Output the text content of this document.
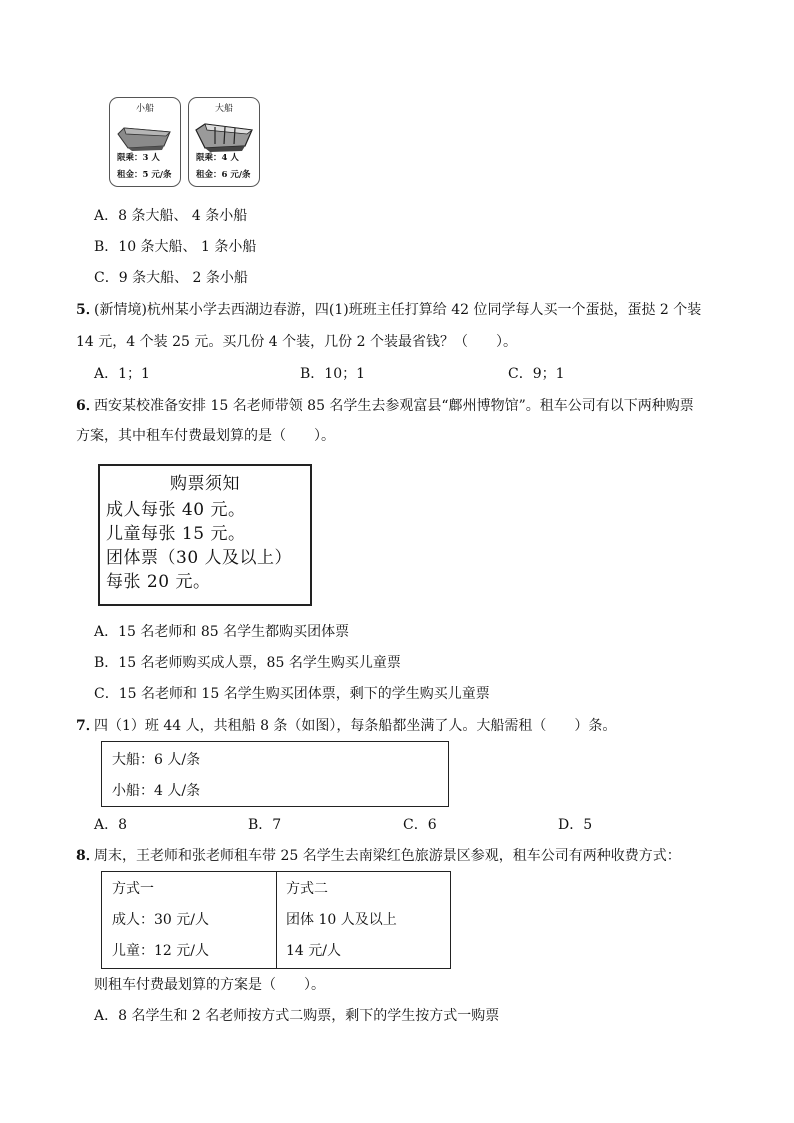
小船
限乘：3 人
租金：5 元/条
大船
限乘：4 人
租金：6 元/条
A．8 条大船、 4 条小船
B．10 条大船、 1 条小船
C．9 条大船、 2 条小船
5．
(新情境)杭州某小学去西湖边春游，四(1)班班主任打算给 42 位同学每人买一个蛋挞，蛋挞 2 个装
14 元，4 个装 25 元。买几份 4 个装，几份 2 个装最省钱？（　　）。
A．1；1	B．10；1	C．9；1
6．
西安某校准备安排 15 名老师带领 85 名学生去参观富县“鄜州博物馆”。租车公司有以下两种购票
方案，其中租车付费最划算的是（　　）。
购票须知
成人每张 40 元。
儿童每张 15 元。
团体票（30 人及以上）
每张 20 元。
A．15 名老师和 85 名学生都购买团体票
B．15 名老师购买成人票，85 名学生购买儿童票
C．15 名老师和 15 名学生购买团体票，剩下的学生购买儿童票
7．
四（1）班 44 人，共租船 8 条（如图），每条船都坐满了人。大船需租（　　）条。
大船：6 人/条
小船：4 人/条
A．8	B．7	C．6	D．5
8．
周末，王老师和张老师租车带 25 名学生去南梁红色旅游景区参观，租车公司有两种收费方式：
方式一
成人：30 元/人
儿童：12 元/人
方式二
团体 10 人及以上
14 元/人
则租车付费最划算的方案是（　　）。
A．8 名学生和 2 名老师按方式二购票，剩下的学生按方式一购票
